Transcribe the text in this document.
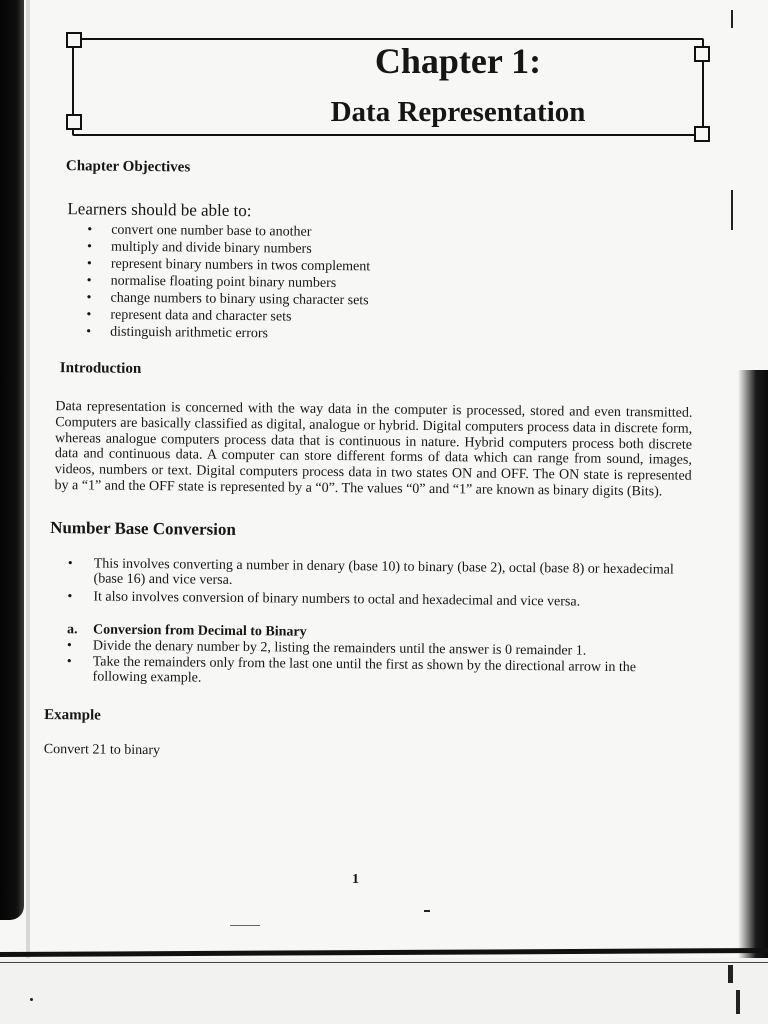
Chapter 1:
Data Representation

Chapter Objectives

Learners should be able to:

• convert one number base to another
• multiply and divide binary numbers
• represent binary numbers in twos complement
• normalise floating point binary numbers
• change numbers to binary using character sets
• represent data and character sets
• distinguish arithmetic errors

Introduction

Data representation is concerned with the way data in the computer is processed, stored and even transmitted. Computers are basically classified as digital, analogue or hybrid. Digital computers process data in discrete form, whereas analogue computers process data that is continuous in nature. Hybrid computers process both discrete data and continuous data. A computer can store different forms of data which can range from sound, images, videos, numbers or text. Digital computers process data in two states ON and OFF. The ON state is represented by a “1” and the OFF state is represented by a “0”. The values “0” and “1” are known as binary digits (Bits).

Number Base Conversion

• This involves converting a number in denary (base 10) to binary (base 2), octal (base 8) or hexadecimal (base 16) and vice versa.
• It also involves conversion of binary numbers to octal and hexadecimal and vice versa.

a. Conversion from Decimal to Binary

• Divide the denary number by 2, listing the remainders until the answer is 0 remainder 1.
• Take the remainders only from the last one until the first as shown by the directional arrow in the following example.

Example

Convert 21 to binary

1
